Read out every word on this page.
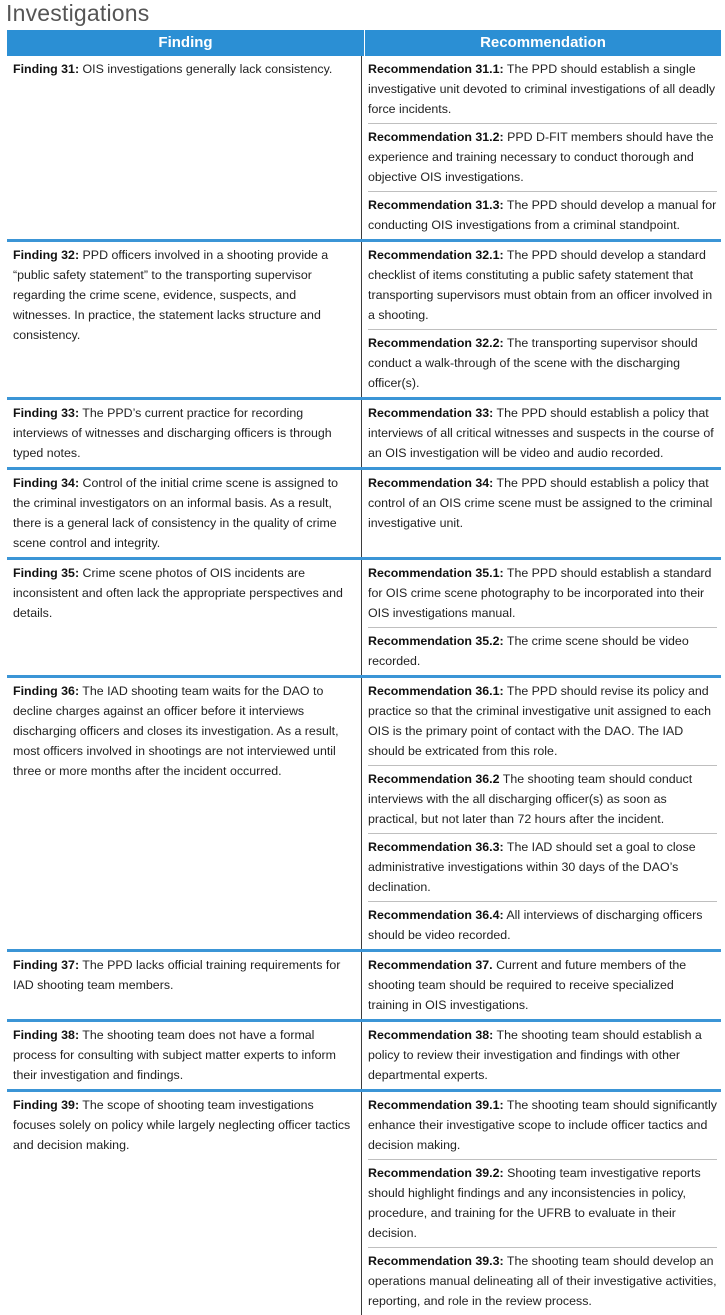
Investigations
Finding	Recommendation
Finding 31: OIS investigations generally lack consistency.	Recommendation 31.1: The PPD should establish a single investigative unit devoted to criminal investigations of all deadly force incidents.
Recommendation 31.2: PPD D-FIT members should have the experience and training necessary to conduct thorough and objective OIS investigations.
Recommendation 31.3: The PPD should develop a manual for conducting OIS investigations from a criminal standpoint.
Finding 32: PPD officers involved in a shooting provide a “public safety statement” to the transporting supervisor regarding the crime scene, evidence, suspects, and witnesses. In practice, the statement lacks structure and consistency.
Recommendation 32.1: The PPD should develop a standard checklist of items constituting a public safety statement that transporting supervisors must obtain from an officer involved in a shooting.
Recommendation 32.2: The transporting supervisor should conduct a walk-through of the scene with the discharging officer(s).
Finding 33: The PPD’s current practice for recording interviews of witnesses and discharging officers is through typed notes.
Recommendation 33: The PPD should establish a policy that interviews of all critical witnesses and suspects in the course of an OIS investigation will be video and audio recorded.
Finding 34: Control of the initial crime scene is assigned to the criminal investigators on an informal basis. As a result, there is a general lack of consistency in the quality of crime scene control and integrity.
Recommendation 34: The PPD should establish a policy that control of an OIS crime scene must be assigned to the criminal investigative unit.
Finding 35: Crime scene photos of OIS incidents are inconsistent and often lack the appropriate perspectives and details.
Recommendation 35.1: The PPD should establish a standard for OIS crime scene photography to be incorporated into their OIS investigations manual.
Recommendation 35.2: The crime scene should be video recorded.
Finding 36: The IAD shooting team waits for the DAO to decline charges against an officer before it interviews discharging officers and closes its investigation. As a result, most officers involved in shootings are not interviewed until three or more months after the incident occurred.
Recommendation 36.1: The PPD should revise its policy and practice so that the criminal investigative unit assigned to each OIS is the primary point of contact with the DAO. The IAD should be extricated from this role.
Recommendation 36.2 The shooting team should conduct interviews with the all discharging officer(s) as soon as practical, but not later than 72 hours after the incident.
Recommendation 36.3: The IAD should set a goal to close administrative investigations within 30 days of the DAO’s declination.
Recommendation 36.4: All interviews of discharging officers should be video recorded.
Finding 37: The PPD lacks official training requirements for IAD shooting team members.
Recommendation 37. Current and future members of the shooting team should be required to receive specialized training in OIS investigations.
Finding 38: The shooting team does not have a formal process for consulting with subject matter experts to inform their investigation and findings.
Recommendation 38: The shooting team should establish a policy to review their investigation and findings with other departmental experts.
Finding 39: The scope of shooting team investigations focuses solely on policy while largely neglecting officer tactics and decision making.
Recommendation 39.1: The shooting team should significantly enhance their investigative scope to include officer tactics and decision making.
Recommendation 39.2: Shooting team investigative reports should highlight findings and any inconsistencies in policy, procedure, and training for the UFRB to evaluate in their decision.
Recommendation 39.3: The shooting team should develop an operations manual delineating all of their investigative activities, reporting, and role in the review process.
